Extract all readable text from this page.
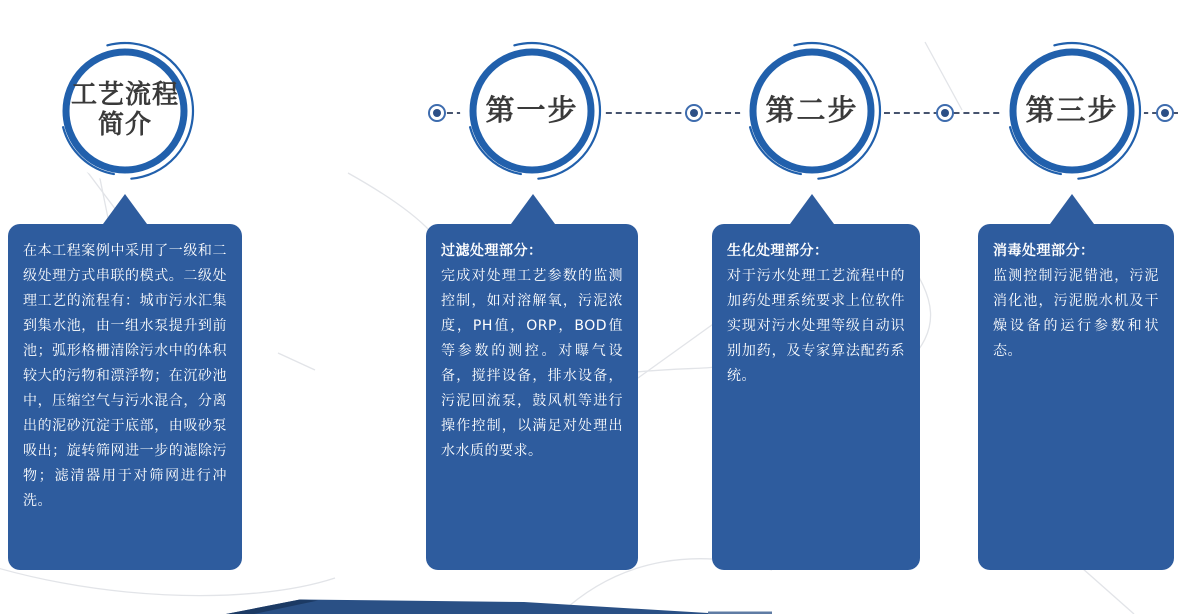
工艺流程
简介	第一步	第二步	第三步
在本工程案例中采用了一级和二级处理方式串联的模式。二级处理工艺的流程有：城市污水汇集到集水池，由一组水泵提升到前池；弧形格栅清除污水中的体积较大的污物和漂浮物；在沉砂池中，压缩空气与污水混合，分离出的泥砂沉淀于底部，由吸砂泵吸出；旋转筛网进一步的滤除污物；滤清器用于对筛网进行冲洗。
过滤处理部分：
完成对处理工艺参数的监测控制，如对溶解氧，污泥浓度，PH值，ORP，BOD值等参数的测控。对曝气设备，搅拌设备，排水设备，污泥回流泵，鼓风机等进行操作控制，以满足对处理出水水质的要求。
生化处理部分：
对于污水处理工艺流程中的加药处理系统要求上位软件实现对污水处理等级自动识别加药，及专家算法配药系统。
消毒处理部分：
监测控制污泥错池，污泥消化池，污泥脱水机及干燥设备的运行参数和状态。
